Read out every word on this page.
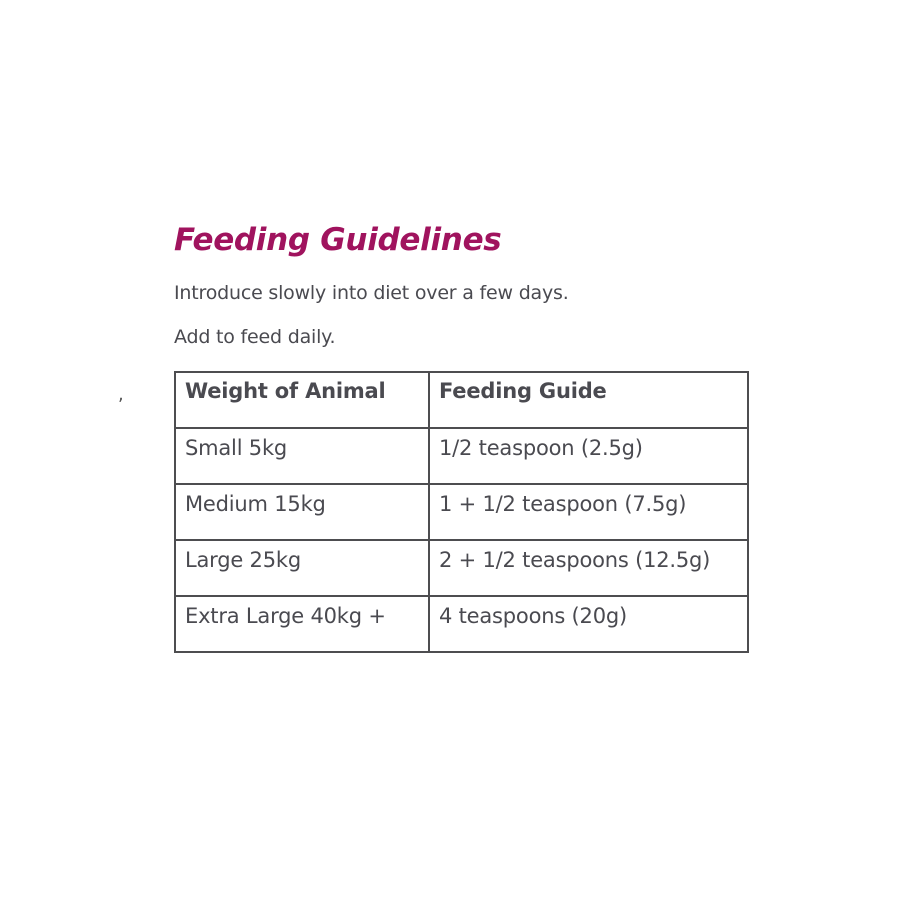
,
Feeding Guidelines

Introduce slowly into diet over a few days.

Add to feed daily.

Weight of Animal	Feeding Guide
Small 5kg	1/2 teaspoon (2.5g)
Medium 15kg	1 + 1/2 teaspoon (7.5g)
Large 25kg	2 + 1/2 teaspoons (12.5g)
Extra Large 40kg +	4 teaspoons (20g)
